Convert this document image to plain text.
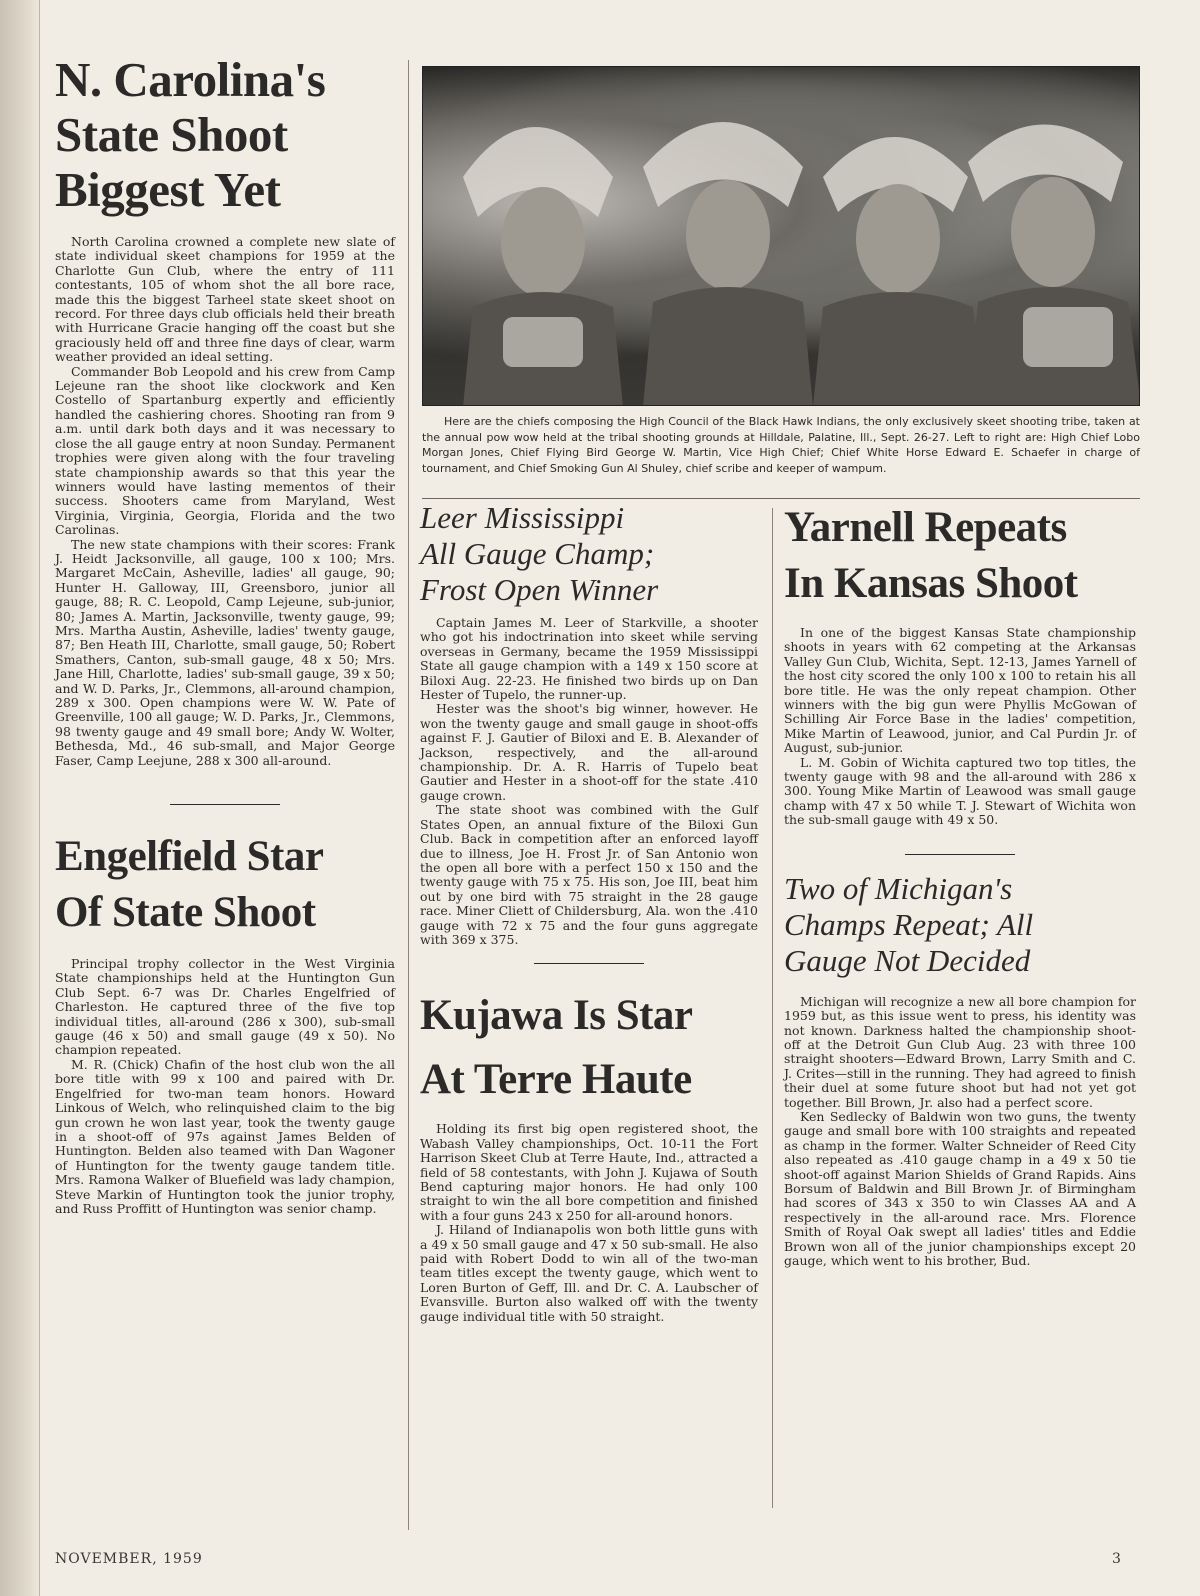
N. Carolina's
State Shoot
Biggest Yet

North Carolina crowned a complete new slate of state individual skeet champions for 1959 at the Charlotte Gun Club, where the entry of 111 contestants, 105 of whom shot the all bore race, made this the biggest Tarheel state skeet shoot on record. For three days club officials held their breath with Hurricane Gracie hanging off the coast but she graciously held off and three fine days of clear, warm weather provided an ideal setting.

Commander Bob Leopold and his crew from Camp Lejeune ran the shoot like clockwork and Ken Costello of Spartanburg expertly and efficiently handled the cashiering chores. Shooting ran from 9 a.m. until dark both days and it was necessary to close the all gauge entry at noon Sunday. Permanent trophies were given along with the four traveling state championship awards so that this year the winners would have lasting mementos of their success. Shooters came from Maryland, West Virginia, Virginia, Georgia, Florida and the two Carolinas.

The new state champions with their scores: Frank J. Heidt Jacksonville, all gauge, 100 x 100; Mrs. Margaret McCain, Asheville, ladies' all gauge, 90; Hunter H. Galloway, III, Greensboro, junior all gauge, 88; R. C. Leopold, Camp Lejeune, sub-junior, 80; James A. Martin, Jacksonville, twenty gauge, 99; Mrs. Martha Austin, Asheville, ladies' twenty gauge, 87; Ben Heath III, Charlotte, small gauge, 50; Robert Smathers, Canton, sub-small gauge, 48 x 50; Mrs. Jane Hill, Charlotte, ladies' sub-small gauge, 39 x 50; and W. D. Parks, Jr., Clemmons, all-around champion, 289 x 300. Open champions were W. W. Pate of Greenville, 100 all gauge; W. D. Parks, Jr., Clemmons, 98 twenty gauge and 49 small bore; Andy W. Wolter, Bethesda, Md., 46 sub-small, and Major George Faser, Camp Leejune, 288 x 300 all-around.

Engelfield Star
Of State Shoot

Principal trophy collector in the West Virginia State championships held at the Huntington Gun Club Sept. 6-7 was Dr. Charles Engelfried of Charleston. He captured three of the five top individual titles, all-around (286 x 300), sub-small gauge (46 x 50) and small gauge (49 x 50). No champion repeated.

M. R. (Chick) Chafin of the host club won the all bore title with 99 x 100 and paired with Dr. Engelfried for two-man team honors. Howard Linkous of Welch, who relinquished claim to the big gun crown he won last year, took the twenty gauge in a shoot-off of 97s against James Belden of Huntington. Belden also teamed with Dan Wagoner of Huntington for the twenty gauge tandem title. Mrs. Ramona Walker of Bluefield was lady champion, Steve Markin of Huntington took the junior trophy, and Russ Proffitt of Huntington was senior champ.

Here are the chiefs composing the High Council of the Black Hawk Indians, the only exclusively skeet shooting tribe, taken at the annual pow wow held at the tribal shooting grounds at Hilldale, Palatine, Ill., Sept. 26-27. Left to right are: High Chief Lobo Morgan Jones, Chief Flying Bird George W. Martin, Vice High Chief; Chief White Horse Edward E. Schaefer in charge of tournament, and Chief Smoking Gun Al Shuley, chief scribe and keeper of wampum.

Leer Mississippi
All Gauge Champ;
Frost Open Winner

Captain James M. Leer of Starkville, a shooter who got his indoctrination into skeet while serving overseas in Germany, became the 1959 Mississippi State all gauge champion with a 149 x 150 score at Biloxi Aug. 22-23. He finished two birds up on Dan Hester of Tupelo, the runner-up.

Hester was the shoot's big winner, however. He won the twenty gauge and small gauge in shoot-offs against F. J. Gautier of Biloxi and E. B. Alexander of Jackson, respectively, and the all-around championship. Dr. A. R. Harris of Tupelo beat Gautier and Hester in a shoot-off for the state .410 gauge crown.

The state shoot was combined with the Gulf States Open, an annual fixture of the Biloxi Gun Club. Back in competition after an enforced layoff due to illness, Joe H. Frost Jr. of San Antonio won the open all bore with a perfect 150 x 150 and the twenty gauge with 75 x 75. His son, Joe III, beat him out by one bird with 75 straight in the 28 gauge race. Miner Cliett of Childersburg, Ala. won the .410 gauge with 72 x 75 and the four guns aggregate with 369 x 375.

Kujawa Is Star
At Terre Haute

Holding its first big open registered shoot, the Wabash Valley championships, Oct. 10-11 the Fort Harrison Skeet Club at Terre Haute, Ind., attracted a field of 58 contestants, with John J. Kujawa of South Bend capturing major honors. He had only 100 straight to win the all bore competition and finished with a four guns 243 x 250 for all-around honors.

J. Hiland of Indianapolis won both little guns with a 49 x 50 small gauge and 47 x 50 sub-small. He also paid with Robert Dodd to win all of the two-man team titles except the twenty gauge, which went to Loren Burton of Geff, Ill. and Dr. C. A. Laubscher of Evansville. Burton also walked off with the twenty gauge individual title with 50 straight.

Yarnell Repeats
In Kansas Shoot

In one of the biggest Kansas State championship shoots in years with 62 competing at the Arkansas Valley Gun Club, Wichita, Sept. 12-13, James Yarnell of the host city scored the only 100 x 100 to retain his all bore title. He was the only repeat champion. Other winners with the big gun were Phyllis McGowan of Schilling Air Force Base in the ladies' competition, Mike Martin of Leawood, junior, and Cal Purdin Jr. of August, sub-junior.

L. M. Gobin of Wichita captured two top titles, the twenty gauge with 98 and the all-around with 286 x 300. Young Mike Martin of Leawood was small gauge champ with 47 x 50 while T. J. Stewart of Wichita won the sub-small gauge with 49 x 50.

Two of Michigan's
Champs Repeat; All
Gauge Not Decided

Michigan will recognize a new all bore champion for 1959 but, as this issue went to press, his identity was not known. Darkness halted the championship shoot-off at the Detroit Gun Club Aug. 23 with three 100 straight shooters—Edward Brown, Larry Smith and C. J. Crites—still in the running. They had agreed to finish their duel at some future shoot but had not yet got together. Bill Brown, Jr. also had a perfect score.

Ken Sedlecky of Baldwin won two guns, the twenty gauge and small bore with 100 straights and repeated as champ in the former. Walter Schneider of Reed City also repeated as .410 gauge champ in a 49 x 50 tie shoot-off against Marion Shields of Grand Rapids. Ains Borsum of Baldwin and Bill Brown Jr. of Birmingham had scores of 343 x 350 to win Classes AA and A respectively in the all-around race. Mrs. Florence Smith of Royal Oak swept all ladies' titles and Eddie Brown won all of the junior championships except 20 gauge, which went to his brother, Bud.

NOVEMBER, 1959	3
